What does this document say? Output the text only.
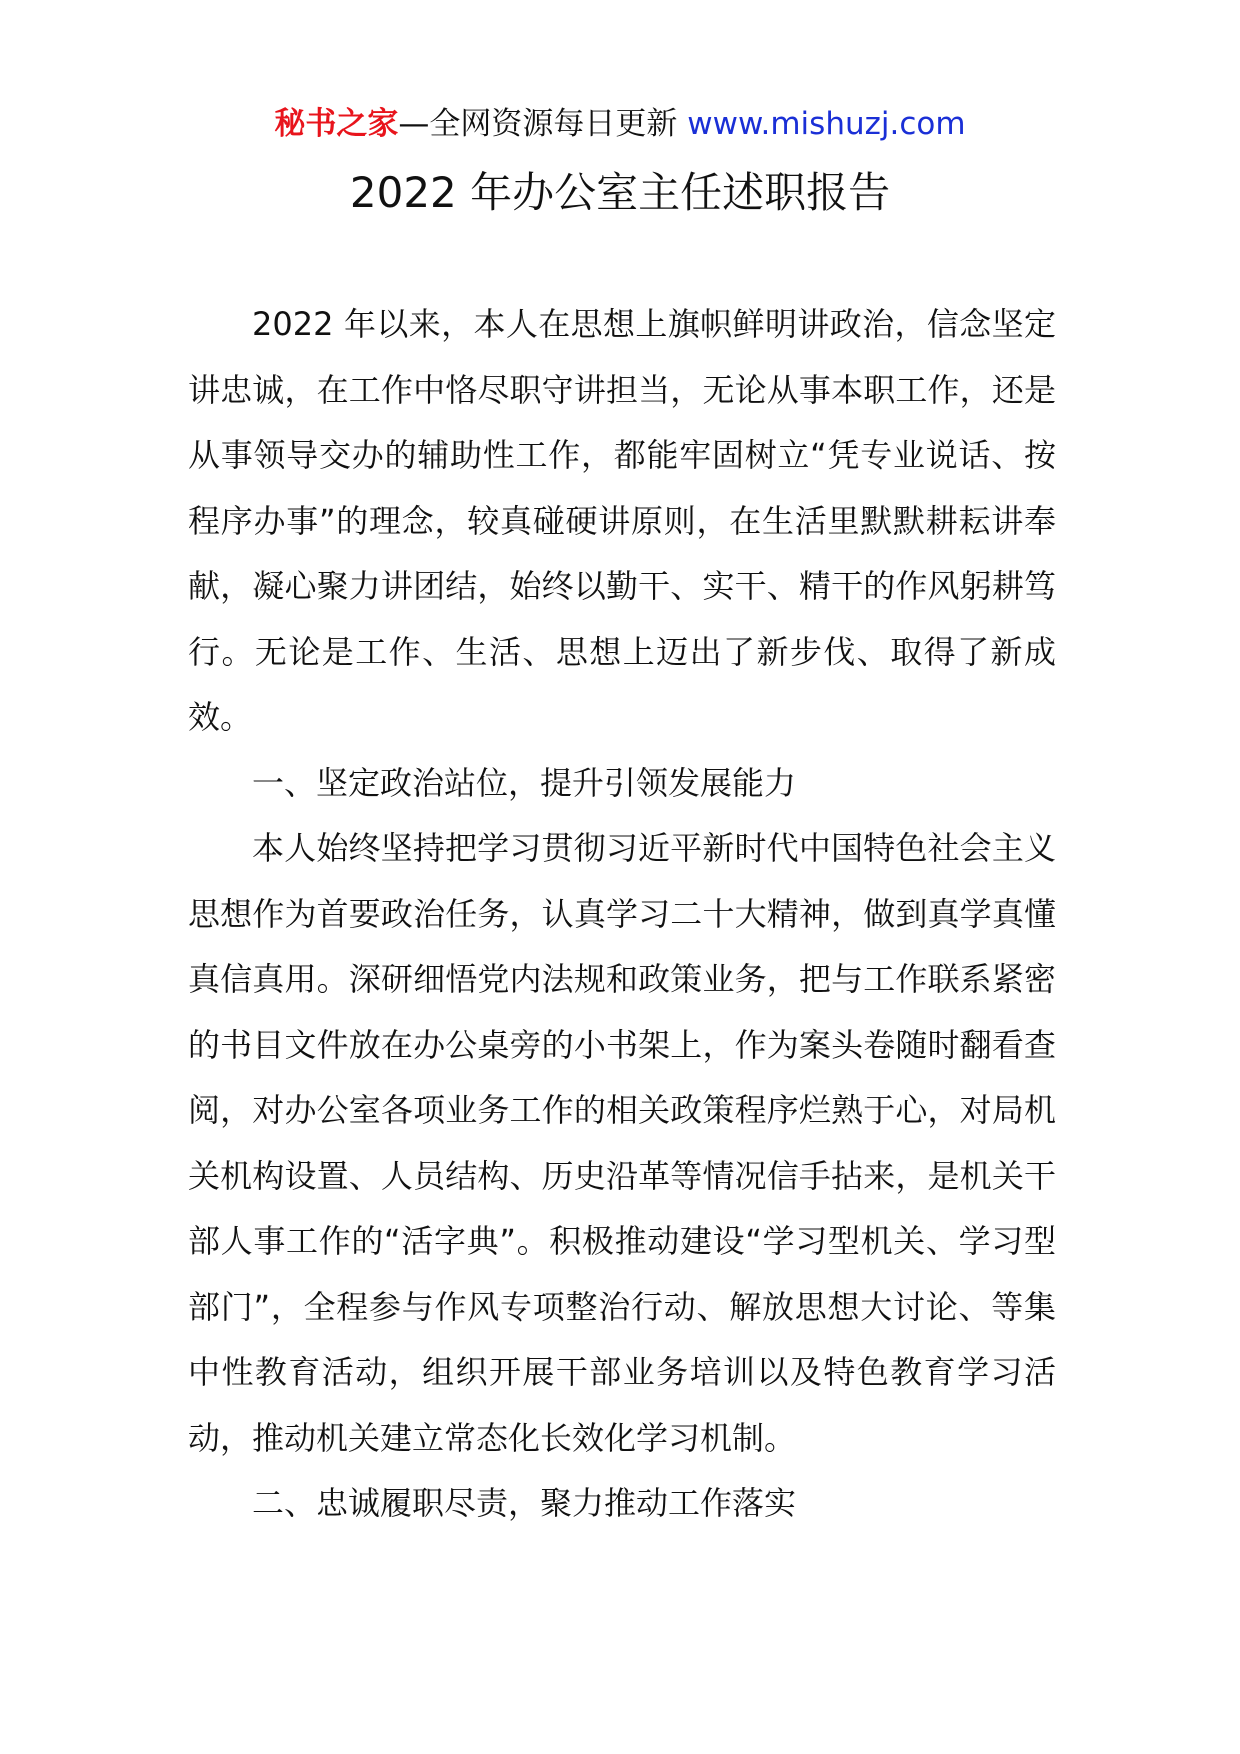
秘书之家—全网资源每日更新 www.mishuzj.com
2022 年办公室主任述职报告

2022 年以来，本人在思想上旗帜鲜明讲政治，信念坚定讲忠诚，在工作中恪尽职守讲担当，无论从事本职工作，还是从事领导交办的辅助性工作，都能牢固树立“凭专业说话、按程序办事”的理念，较真碰硬讲原则，在生活里默默耕耘讲奉献，凝心聚力讲团结，始终以勤干、实干、精干的作风躬耕笃行。无论是工作、生活、思想上迈出了新步伐、取得了新成效。

一、坚定政治站位，提升引领发展能力

本人始终坚持把学习贯彻习近平新时代中国特色社会主义思想作为首要政治任务，认真学习二十大精神，做到真学真懂真信真用。深研细悟党内法规和政策业务，把与工作联系紧密的书目文件放在办公桌旁的小书架上，作为案头卷随时翻看查阅，对办公室各项业务工作的相关政策程序烂熟于心，对局机关机构设置、人员结构、历史沿革等情况信手拈来，是机关干部人事工作的“活字典”。积极推动建设“学习型机关、学习型部门”，全程参与作风专项整治行动、解放思想大讨论、等集中性教育活动，组织开展干部业务培训以及特色教育学习活动，推动机关建立常态化长效化学习机制。

二、忠诚履职尽责，聚力推动工作落实
